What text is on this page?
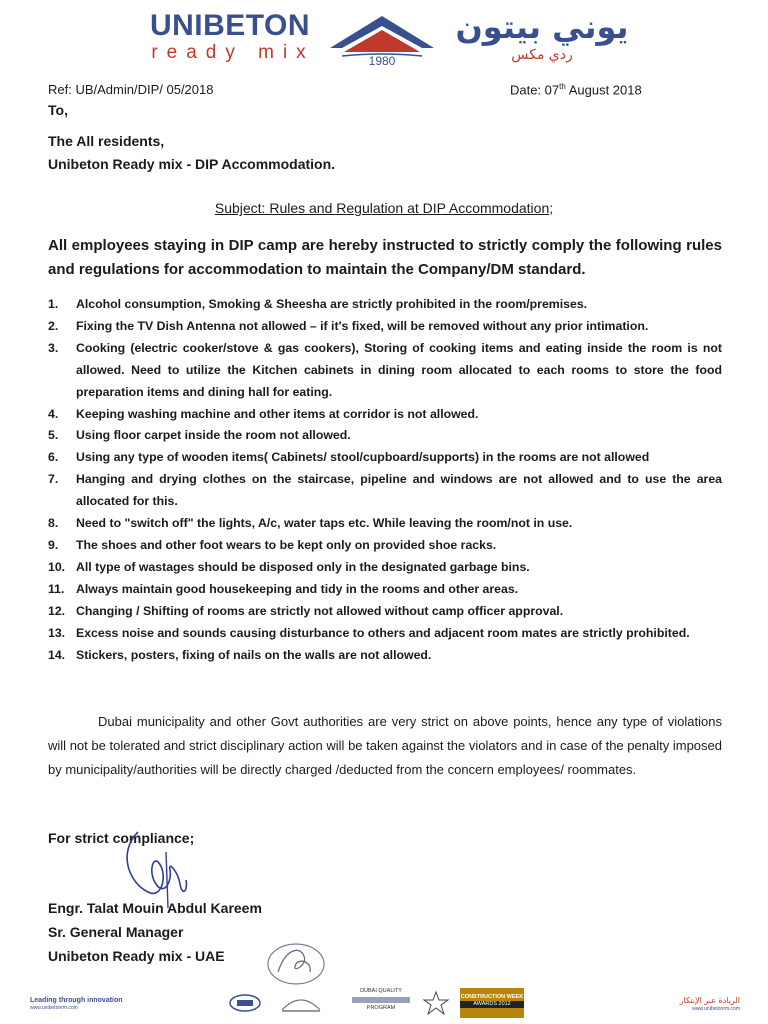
UNIBETON
ready mix	1980
يوني بيتون
ردي مكس
Ref: UB/Admin/DIP/ 05/2018	Date: 07th August 2018
To,
The All residents,
Unibeton Ready mix - DIP Accommodation.
Subject: Rules and Regulation at DIP Accommodation;
All employees staying in DIP camp are hereby instructed to strictly comply the following rules and regulations for accommodation to maintain the Company/DM standard.
1. Alcohol consumption, Smoking & Sheesha are strictly prohibited in the room/premises.
2. Fixing the TV Dish Antenna not allowed – if it's fixed, will be removed without any prior intimation.
3. Cooking (electric cooker/stove & gas cookers), Storing of cooking items and eating inside the room is not allowed. Need to utilize the Kitchen cabinets in dining room allocated to each rooms to store the food preparation items and dining hall for eating.
4. Keeping washing machine and other items at corridor is not allowed.
5. Using floor carpet inside the room not allowed.
6. Using any type of wooden items( Cabinets/ stool/cupboard/supports) in the rooms are not allowed
7. Hanging and drying clothes on the staircase, pipeline and windows are not allowed and to use the area allocated for this.
8. Need to "switch off" the lights, A/c, water taps etc. While leaving the room/not in use.
9. The shoes and other foot wears to be kept only on provided shoe racks.
10. All type of wastages should be disposed only in the designated garbage bins.
11. Always maintain good housekeeping and tidy in the rooms and other areas.
12. Changing / Shifting of rooms are strictly not allowed without camp officer approval.
13. Excess noise and sounds causing disturbance to others and adjacent room mates are strictly prohibited.
14. Stickers, posters, fixing of nails on the walls are not allowed.
Dubai municipality and other Govt authorities are very strict on above points, hence any type of violations will not be tolerated and strict disciplinary action will be taken against the violators and in case of the penalty imposed by municipality/authorities will be directly charged /deducted from the concern employees/ roommates.
For strict compliance;
Engr. Talat Mouin Abdul Kareem
Sr. General Manager
Unibeton Ready mix - UAE
Leading through innovation
www.unibetonrm.com
DUBAI QUALITY
PROGRAM
CONSTRUCTION WEEK
AWARDS 2012	الريادة عبر الإبتكار
www.unibetonrm.com
